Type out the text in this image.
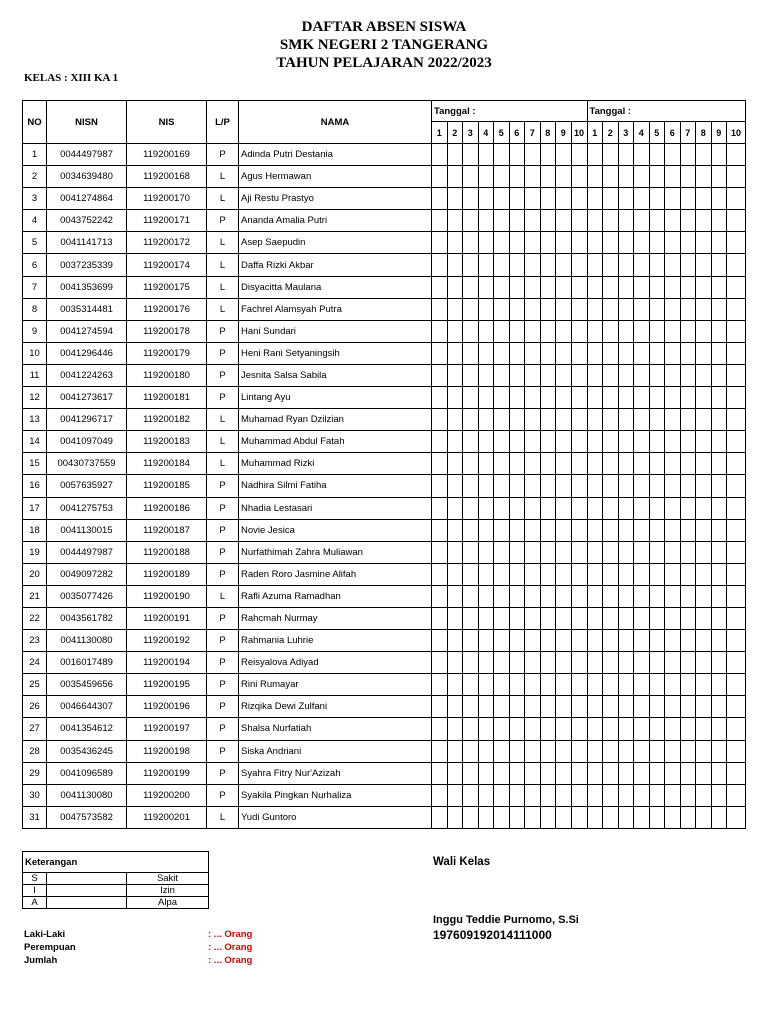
DAFTAR ABSEN SISWA
SMK NEGERI 2 TANGERANG
TAHUN PELAJARAN 2022/2023
KELAS : XIII KA 1
NO	NISN	NIS	L/P	NAMA	Tanggal :										Tanggal :									
					1	2	3	4	5	6	7	8	9	10	1	2	3	4	5	6	7	8	9	10
1	0044497987	119200169	P	Adinda Putri Destania																				
2	0034639480	119200168	L	Agus Hermawan																				
3	0041274864	119200170	L	Aji Restu Prastyo																				
4	0043752242	119200171	P	Ananda Amalia Putri																				
5	0041141713	119200172	L	Asep Saepudin																				
6	0037235339	119200174	L	Daffa Rizki Akbar																				
7	0041353699	119200175	L	Disyacitta Maulana																				
8	0035314481	119200176	L	Fachrel Alamsyah Putra																				
9	0041274594	119200178	P	Hani Sundari																				
10	0041296446	119200179	P	Heni Rani Setyaningsih																				
11	0041224263	119200180	P	Jesnita Salsa Sabila																				
12	0041273617	119200181	P	Lintang Ayu																				
13	0041296717	119200182	L	Muhamad Ryan Dzilzian																				
14	0041097049	119200183	L	Muhammad Abdul Fatah																				
15	00430737559	119200184	L	Muhammad Rizki																				
16	0057635927	119200185	P	Nadhira Silmi Fatiha																				
17	0041275753	119200186	P	Nhadia Lestasari																				
18	0041130015	119200187	P	Novie Jesica																				
19	0044497987	119200188	P	Nurfathimah Zahra Muliawan																				
20	0049097282	119200189	P	Raden Roro Jasmine Alifah																				
21	0035077426	119200190	L	Rafli Azuma Ramadhan																				
22	0043561782	119200191	P	Rahcmah Nurmay																				
23	0041130080	119200192	P	Rahmania Luhrie																				
24	0016017489	119200194	P	Reisyalova Adiyad																				
25	0035459656	119200195	P	Rini Rumayar																				
26	0046644307	119200196	P	Rizqika Dewi Zulfani																				
27	0041354612	119200197	P	Shalsa Nurfatiah																				
28	0035436245	119200198	P	Siska Andriani																				
29	0041096589	119200199	P	Syahra Fitry Nur'Azizah																				
30	0041130080	119200200	P	Syakila Pingkan Nurhaliza																				
31	0047573582	119200201	L	Yudi Guntoro																				
Keterangan		
S		Sakit
I		Izin
A		Alpa
Laki-Laki	: ... Orang
Perempuan	: ... Orang
Jumlah	: ... Orang
Wali Kelas
Inggu Teddie Purnomo, S.Si
197609192014111000
